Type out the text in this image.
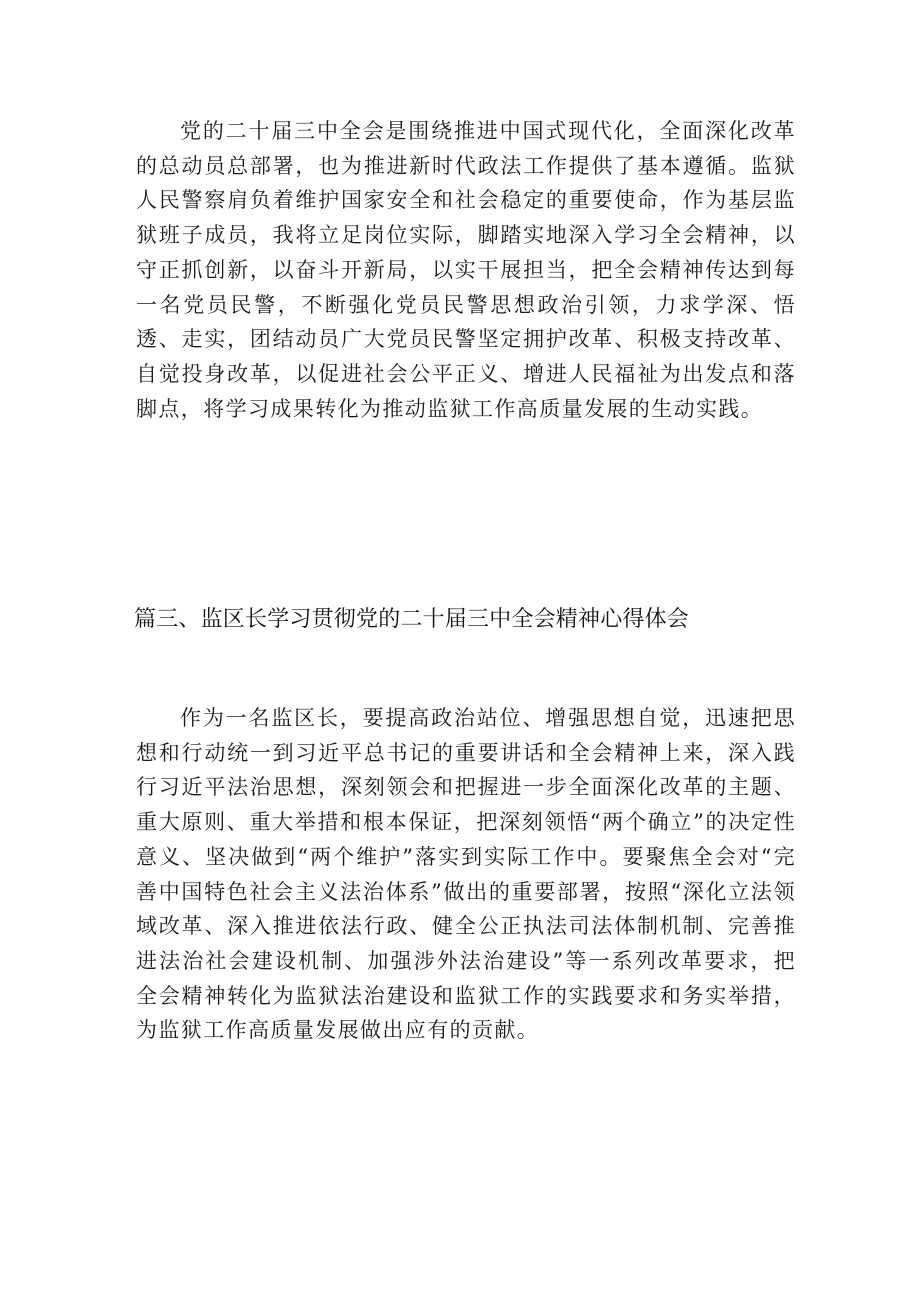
党的二十届三中全会是围绕推进中国式现代化，全面深化改革的总动员总部署，也为推进新时代政法工作提供了基本遵循。监狱人民警察肩负着维护国家安全和社会稳定的重要使命，作为基层监狱班子成员，我将立足岗位实际，脚踏实地深入学习全会精神，以守正抓创新，以奋斗开新局，以实干展担当，把全会精神传达到每一名党员民警，不断强化党员民警思想政治引领，力求学深、悟透、走实，团结动员广大党员民警坚定拥护改革、积极支持改革、自觉投身改革，以促进社会公平正义、增进人民福祉为出发点和落脚点，将学习成果转化为推动监狱工作高质量发展的生动实践。

篇三、监区长学习贯彻党的二十届三中全会精神心得体会

作为一名监区长，要提高政治站位、增强思想自觉，迅速把思想和行动统一到习近平总书记的重要讲话和全会精神上来，深入践行习近平法治思想，深刻领会和把握进一步全面深化改革的主题、重大原则、重大举措和根本保证，把深刻领悟“两个确立”的决定性意义、坚决做到“两个维护”落实到实际工作中。要聚焦全会对“完善中国特色社会主义法治体系”做出的重要部署，按照“深化立法领域改革、深入推进依法行政、健全公正执法司法体制机制、完善推进法治社会建设机制、加强涉外法治建设”等一系列改革要求，把全会精神转化为监狱法治建设和监狱工作的实践要求和务实举措，为监狱工作高质量发展做出应有的贡献。
